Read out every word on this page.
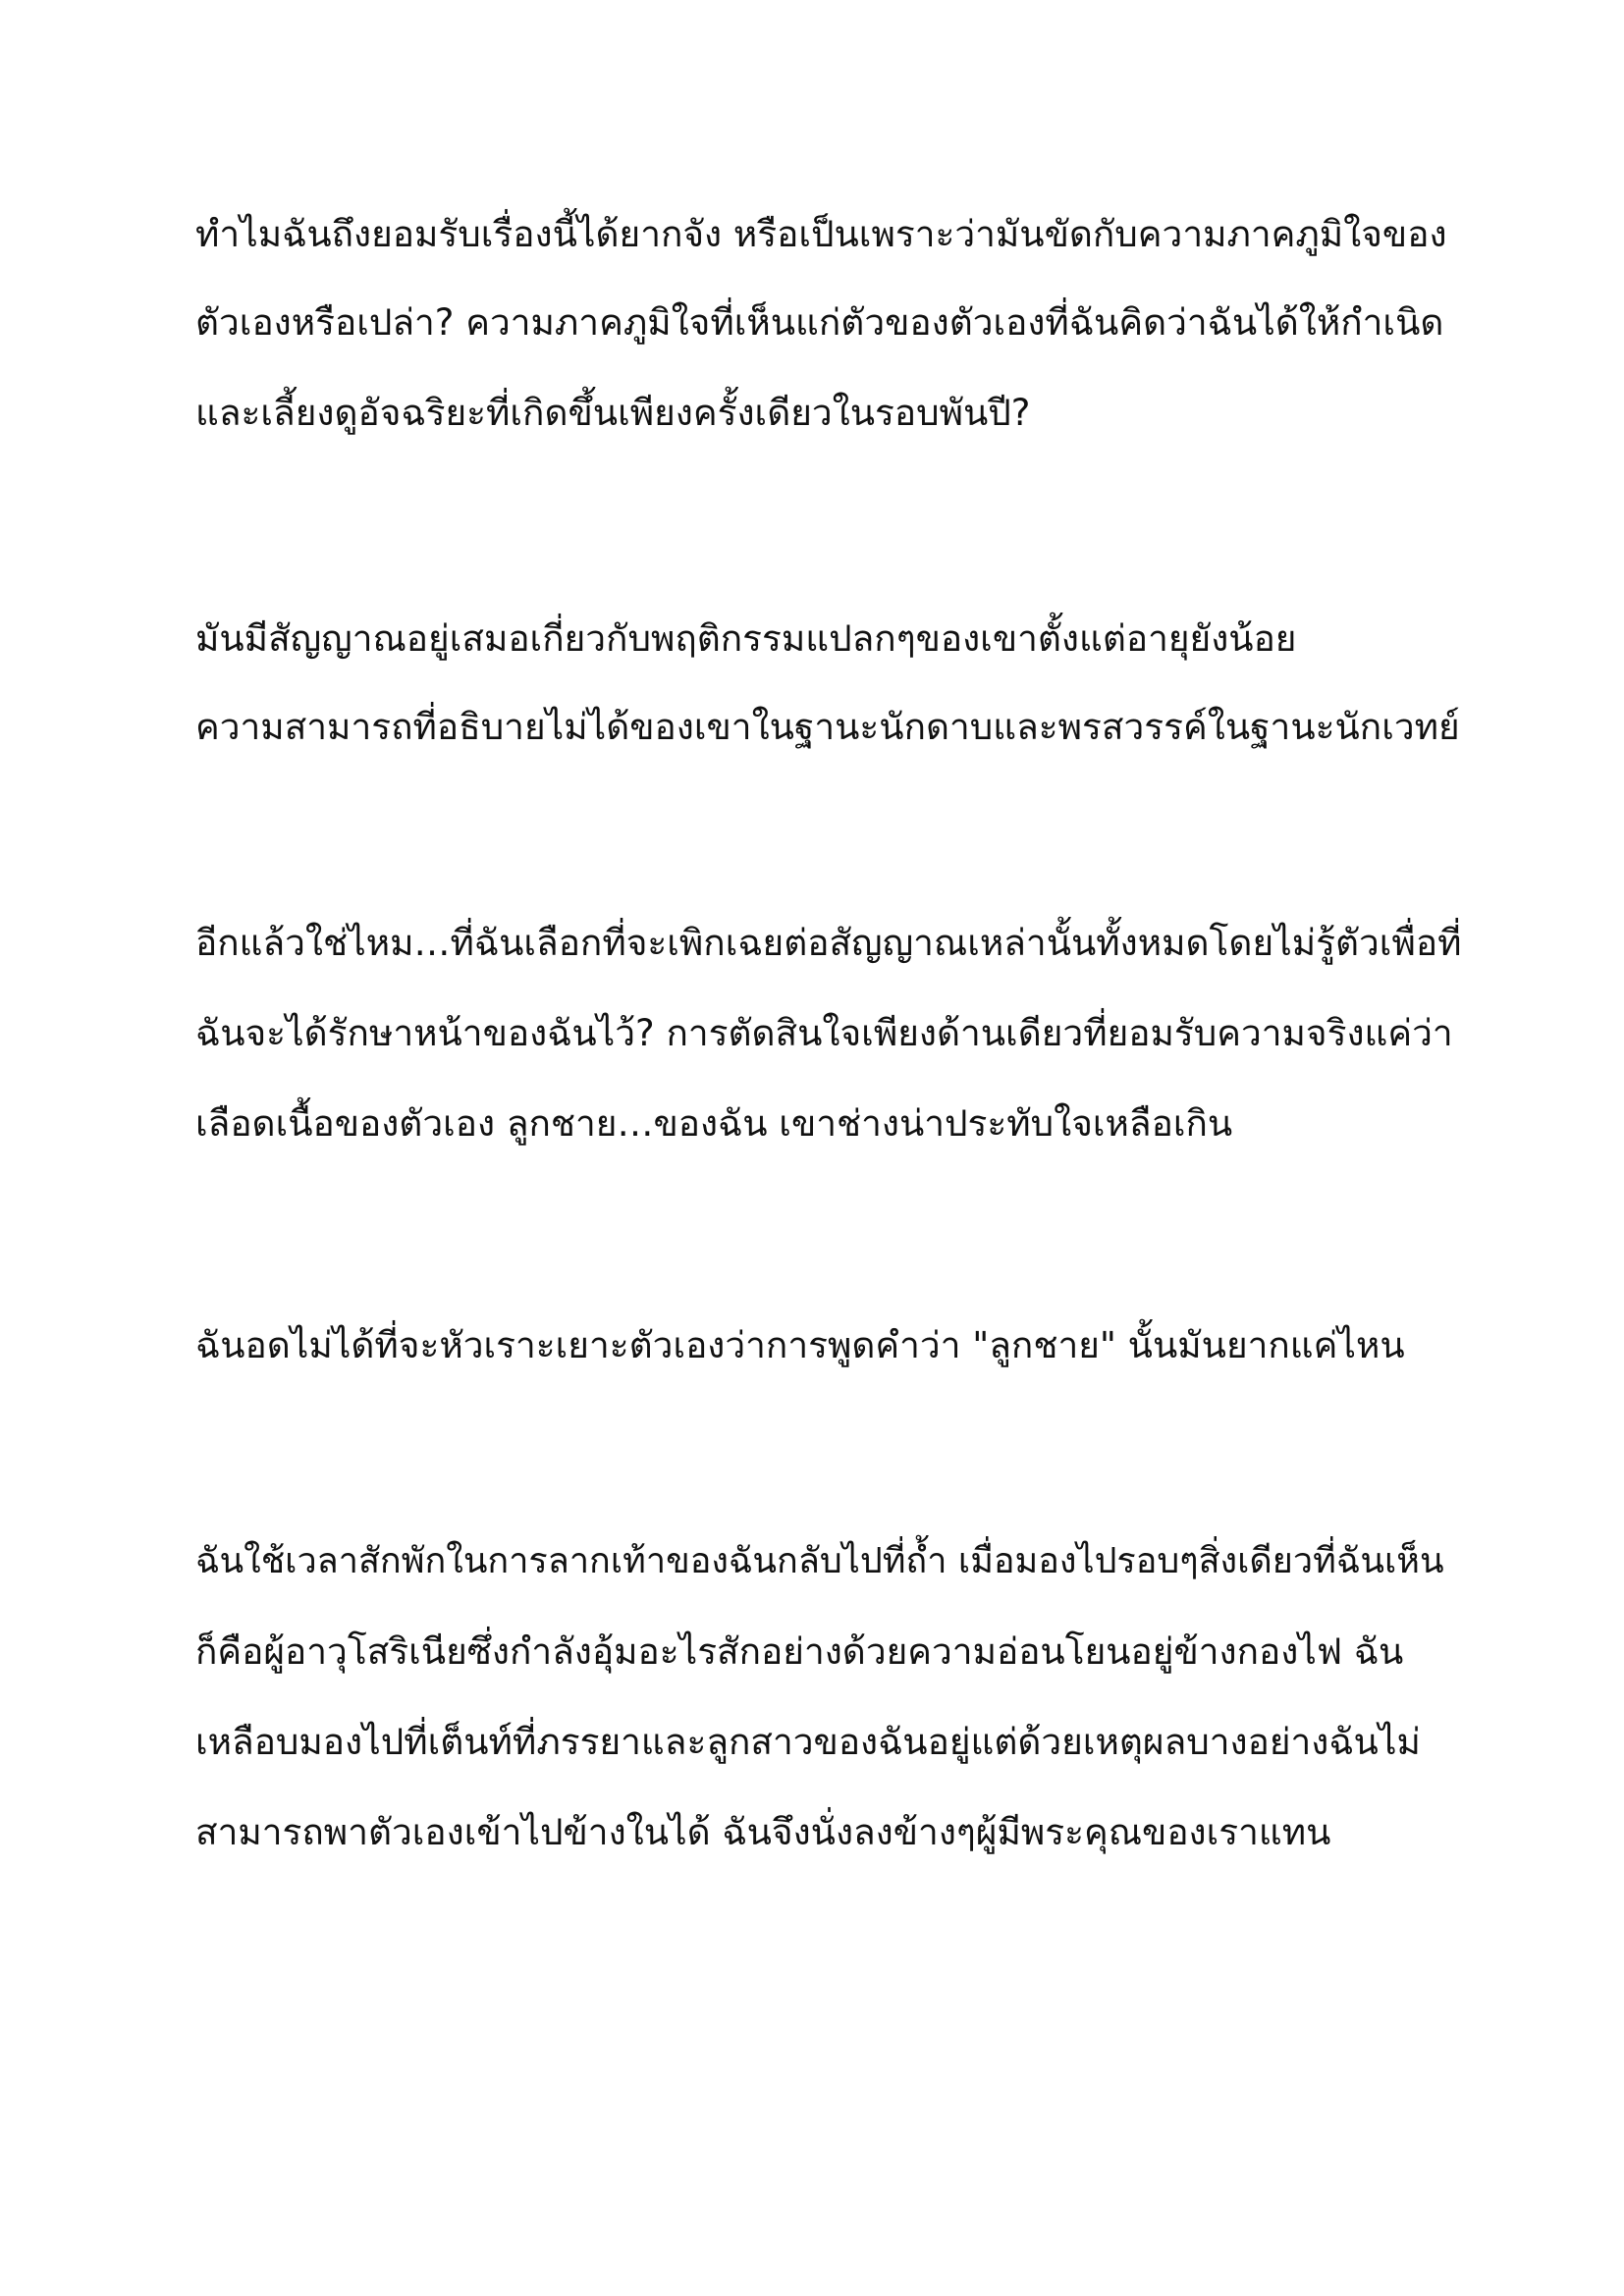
ทำไมฉันถึงยอมรับเรื่องนี้ได้ยากจัง หรือเป็นเพราะว่ามันขัดกับความภาคภูมิใจของ
ตัวเองหรือเปล่า? ความภาคภูมิใจที่เห็นแก่ตัวของตัวเองที่ฉันคิดว่าฉันได้ให้กำเนิด
และเลี้ยงดูอัจฉริยะที่เกิดขึ้นเพียงครั้งเดียวในรอบพันปี?
มันมีสัญญาณอยู่เสมอเกี่ยวกับพฤติกรรมแปลกๆของเขาตั้งแต่อายุยังน้อย
ความสามารถที่อธิบายไม่ได้ของเขาในฐานะนักดาบและพรสวรรค์ในฐานะนักเวทย์
อีกแล้วใช่ไหม…ที่ฉันเลือกที่จะเพิกเฉยต่อสัญญาณเหล่านั้นทั้งหมดโดยไม่รู้ตัวเพื่อที่
ฉันจะได้รักษาหน้าของฉันไว้? การตัดสินใจเพียงด้านเดียวที่ยอมรับความจริงแค่ว่า
เลือดเนื้อของตัวเอง ลูกชาย…ของฉัน เขาช่างน่าประทับใจเหลือเกิน
ฉันอดไม่ได้ที่จะหัวเราะเยาะตัวเองว่าการพูดคำว่า "ลูกชาย" นั้นมันยากแค่ไหน
ฉันใช้เวลาสักพักในการลากเท้าของฉันกลับไปที่ถ้ำ เมื่อมองไปรอบๆสิ่งเดียวที่ฉันเห็น
ก็คือผู้อาวุโสริเนียซึ่งกำลังอุ้มอะไรสักอย่างด้วยความอ่อนโยนอยู่ข้างกองไฟ ฉัน
เหลือบมองไปที่เต็นท์ที่ภรรยาและลูกสาวของฉันอยู่แต่ด้วยเหตุผลบางอย่างฉันไม่
สามารถพาตัวเองเข้าไปข้างในได้ ฉันจึงนั่งลงข้างๆผู้มีพระคุณของเราแทน
